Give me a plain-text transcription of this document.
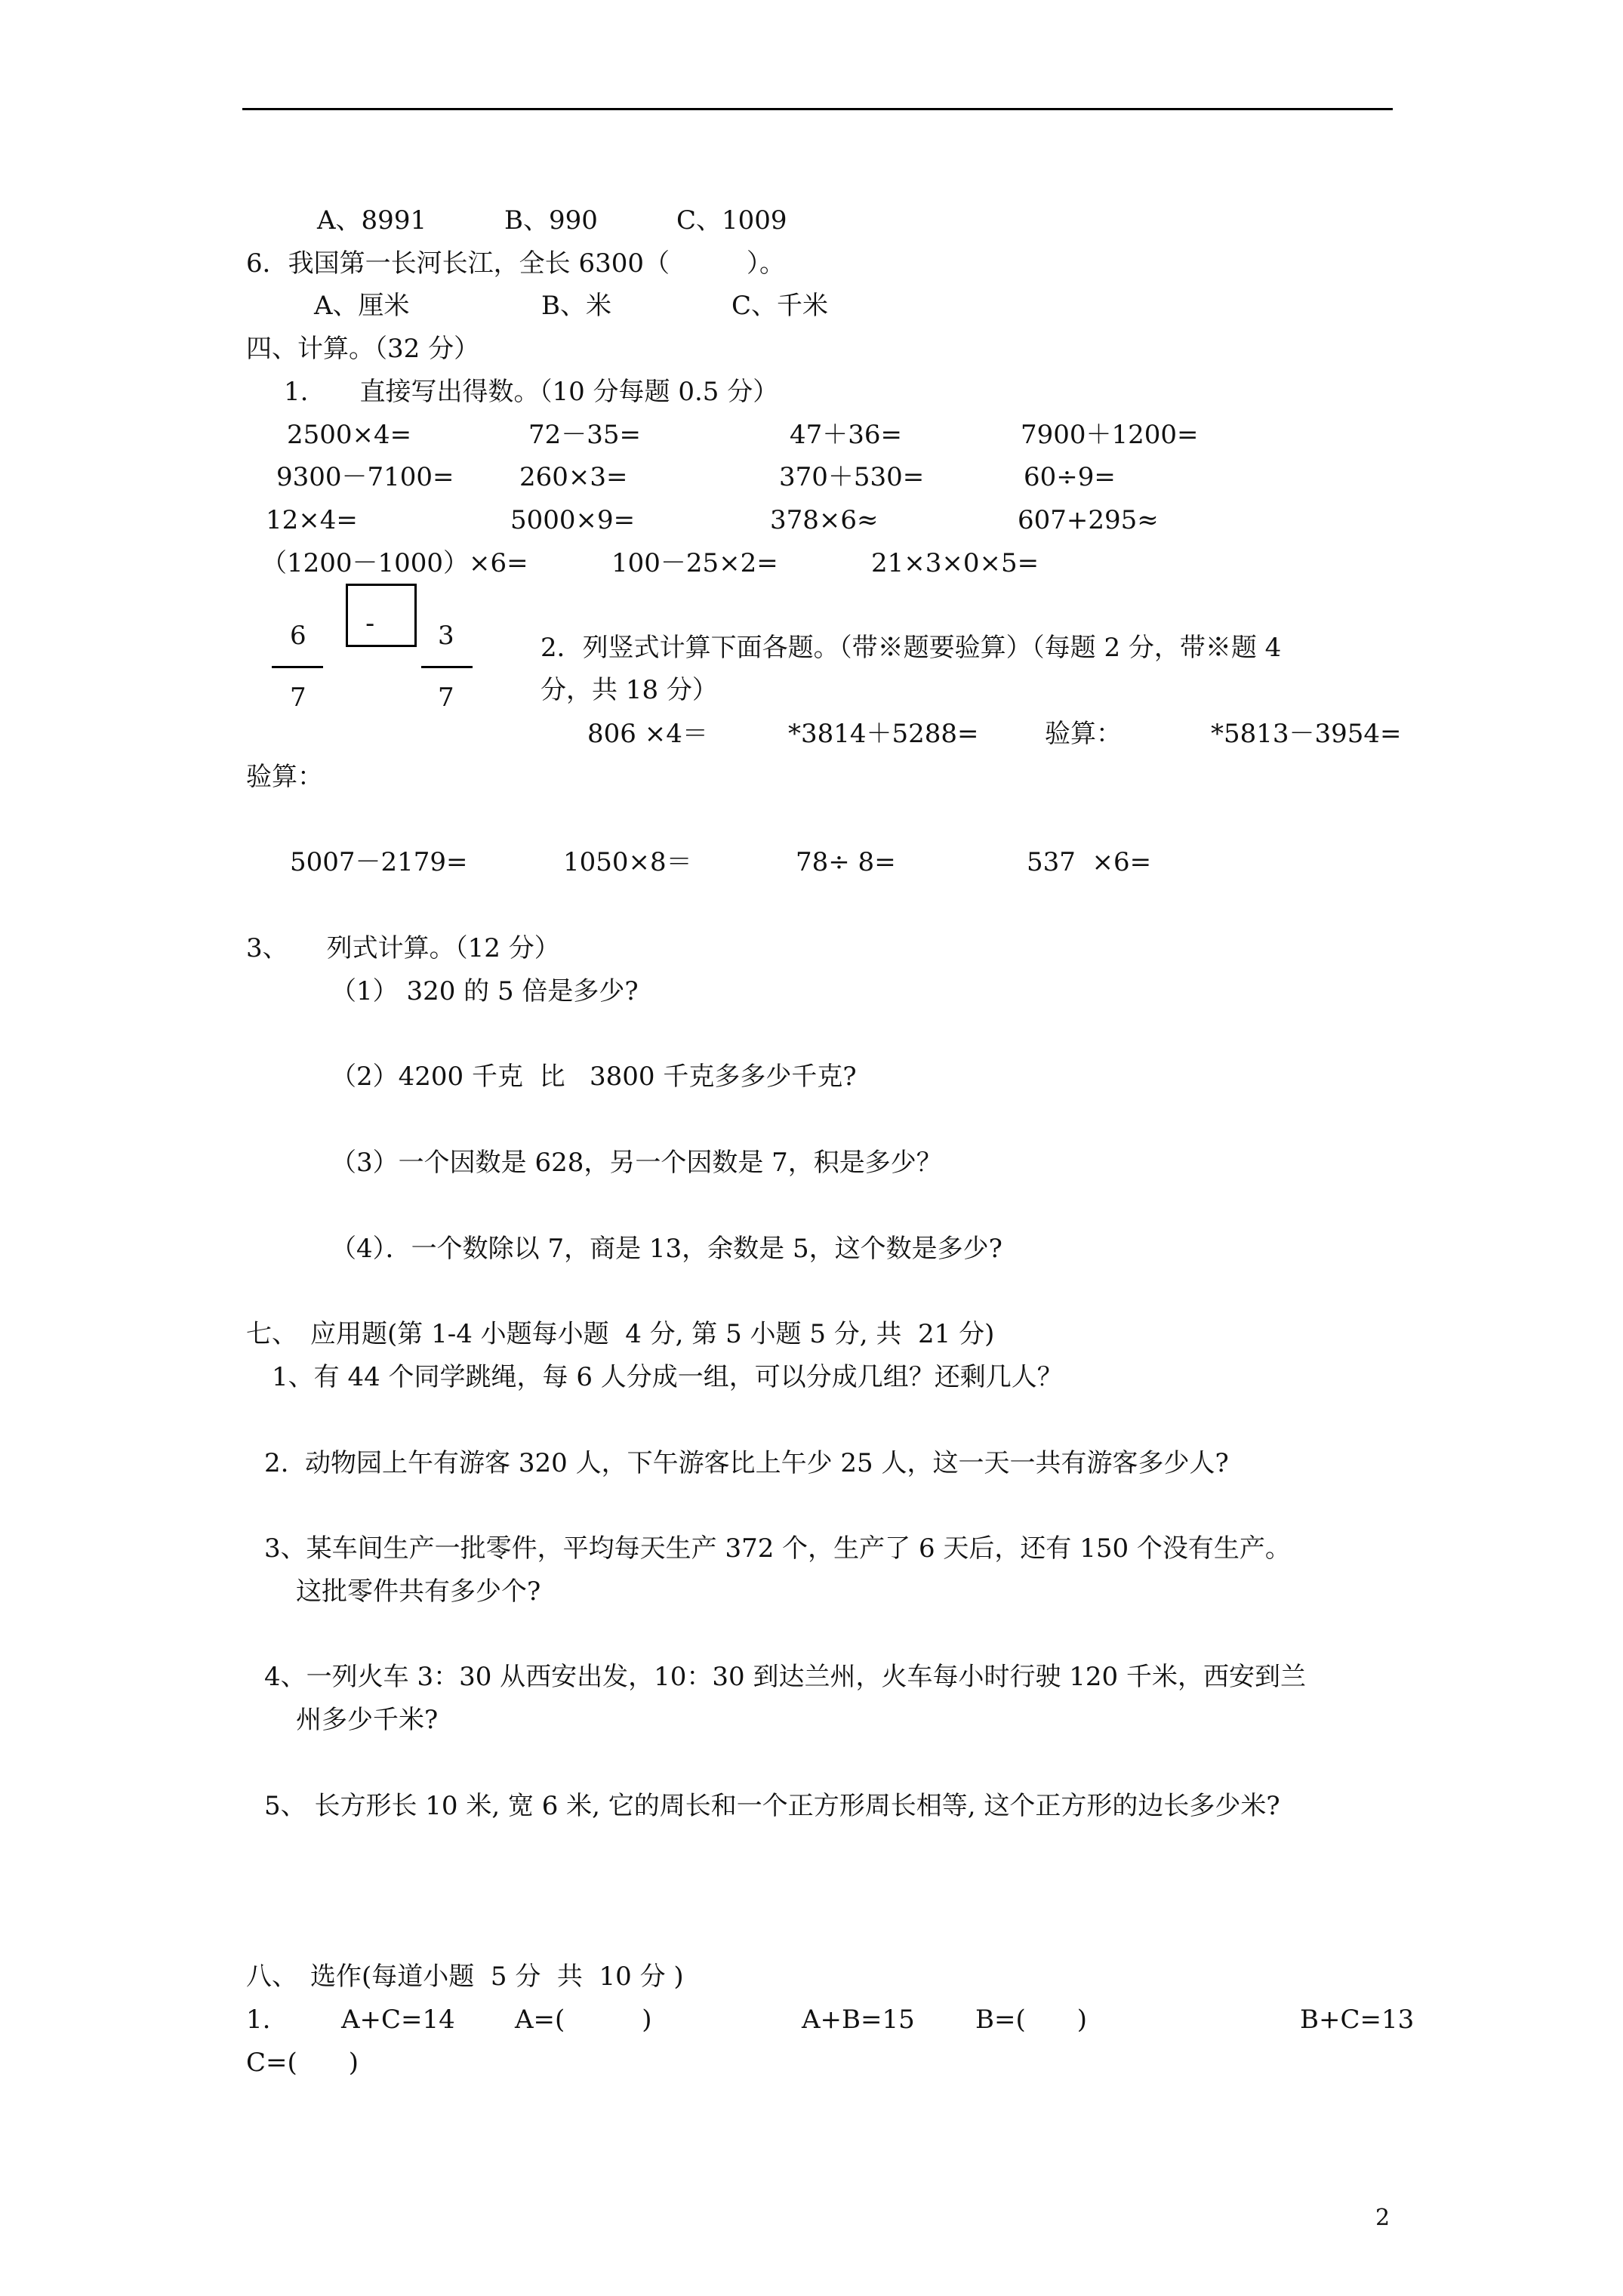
A、8991	B、990	C、1009
6．我国第一长河长江，全长 6300（　　　）。
A、厘米	B、米	C、千米
四、计算。（32 分）
1.　　直接写出得数。（10 分每题 0.5 分）
2500×4=	72－35=	47＋36=	7900＋1200=
9300－7100=	260×3=	370＋530=	60÷9=
12×4=	5000×9=	378×6≈	607+295≈
（1200－1000）×6=	100－25×2=	21×3×0×5=
6
7
- 3
7
2．列竖式计算下面各题。（带※题要验算）（每题 2 分，带※题 4
分，共 18 分）
806 ×4＝	*3814＋5288=	验算：	*5813－3954=
验算：
5007－2179=	1050×8＝	78÷ 8=	537  ×6=
3、　　列式计算。（12 分）
（1） 320 的 5 倍是多少?
（2）4200 千克  比   3800 千克多多少千克?
（3）一个因数是 628，另一个因数是 7，积是多少？
（4）．一个数除以 7，商是 13，余数是 5，这个数是多少?
七、　应用题(第 1-4 小题每小题  4 分, 第 5 小题 5 分, 共  21 分)
1、有 44 个同学跳绳，每 6 人分成一组，可以分成几组？还剩几人？
2.  动物园上午有游客 320 人，下午游客比上午少 25 人，这一天一共有游客多少人?
3、某车间生产一批零件，平均每天生产 372 个，生产了 6 天后，还有 150 个没有生产。
这批零件共有多少个?
4、一列火车 3：30 从西安出发，10：30 到达兰州，火车每小时行驶 120 千米，西安到兰
州多少千米?
5、 长方形长 10 米, 宽 6 米, 它的周长和一个正方形周长相等, 这个正方形的边长多少米?
八、　选作(每道小题  5 分  共  10 分 )
1.	A+C=14 A=(　　　)	A+B=15 B=(　　)	B+C=13
C=(　　)
2
